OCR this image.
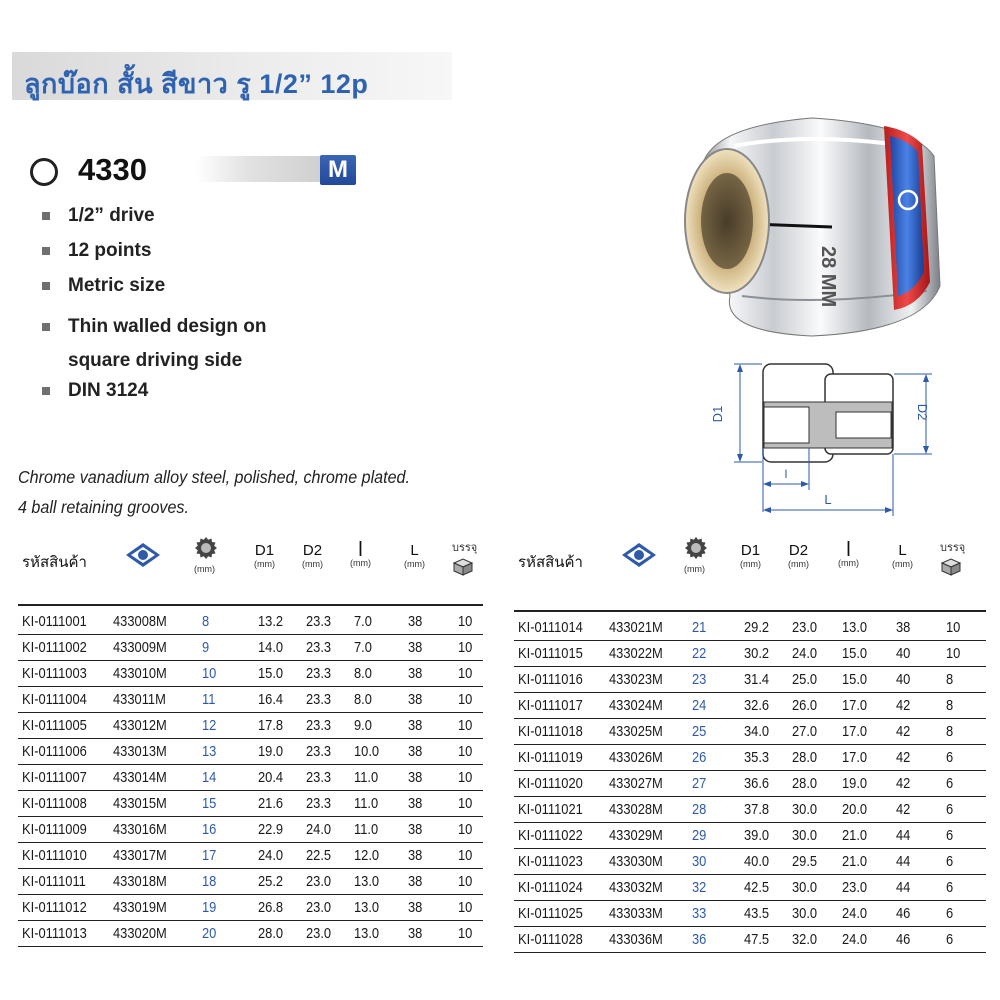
ลูกบ๊อก สั้น สีขาว รู 1/2” 12p
4330	M
1/2” drive
12 points
Metric size
Thin walled design on
square driving side
DIN 3124
Chrome vanadium alloy steel, polished, chrome plated.
4 ball retaining grooves.
28 MM
D1	D2
l
L
รหัสสินค้า	(mm)
D1
(mm)
D2
(mm)
l
(mm)
L
(mm)
บรรจุ
KI-0111001 433008M 8	13.2 23.3 7.0 38 10
KI-0111002 433009M 9	14.0 23.3 7.0 38 10
KI-0111003 433010M 10	15.0 23.3 8.0 38 10
KI-0111004 433011M 11	16.4 23.3 8.0 38 10
KI-0111005 433012M 12	17.8 23.3 9.0 38 10
KI-0111006 433013M 13	19.0 23.3 10.0 38 10
KI-0111007 433014M 14	20.4 23.3 11.0 38 10
KI-0111008 433015M 15	21.6 23.3 11.0 38 10
KI-0111009 433016M 16	22.9 24.0 11.0 38 10
KI-0111010 433017M 17	24.0 22.5 12.0 38 10
KI-0111011 433018M 18	25.2 23.0 13.0 38 10
KI-0111012 433019M 19	26.8 23.0 13.0 38 10
KI-0111013 433020M 20	28.0 23.0 13.0 38 10
รหัสสินค้า	(mm)
D1
(mm)
D2
(mm)
l
(mm)
L
(mm)
บรรจุ
KI-0111014 433021M 21	29.2 23.0 13.0 38 10
KI-0111015 433022M 22	30.2 24.0 15.0 40 10
KI-0111016 433023M 23	31.4 25.0 15.0 40 8
KI-0111017 433024M 24	32.6 26.0 17.0 42 8
KI-0111018 433025M 25	34.0 27.0 17.0 42 8
KI-0111019 433026M 26	35.3 28.0 17.0 42 6
KI-0111020 433027M 27	36.6 28.0 19.0 42 6
KI-0111021 433028M 28	37.8 30.0 20.0 42 6
KI-0111022 433029M 29	39.0 30.0 21.0 44 6
KI-0111023 433030M 30	40.0 29.5 21.0 44 6
KI-0111024 433032M 32	42.5 30.0 23.0 44 6
KI-0111025 433033M 33	43.5 30.0 24.0 46 6
KI-0111028 433036M 36	47.5 32.0 24.0 46 6
